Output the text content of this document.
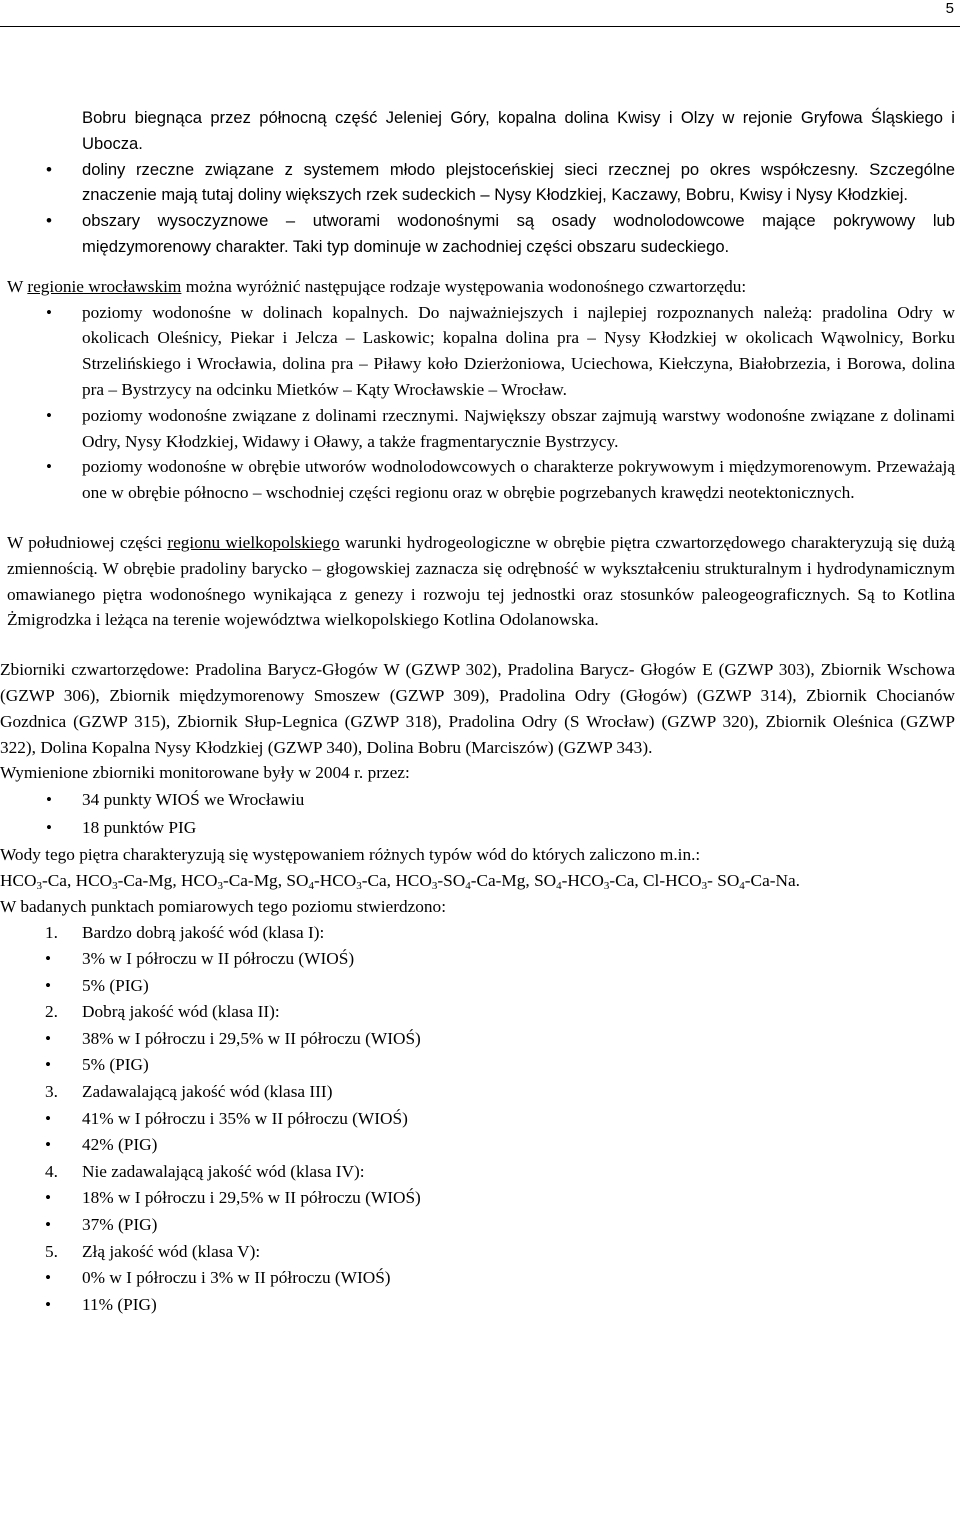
5

Bobru biegnąca przez północną część Jeleniej Góry, kopalna dolina Kwisy i Olzy w rejonie Gryfowa Śląskiego i Ubocza.

• doliny rzeczne związane z systemem młodo plejstoceńskiej sieci rzecznej po okres współczesny. Szczególne znaczenie mają tutaj doliny większych rzek sudeckich – Nysy Kłodzkiej, Kaczawy, Bobru, Kwisy i Nysy Kłodzkiej.
• obszary wysoczyznowe – utworami wodonośnymi są osady wodnolodowcowe mające pokrywowy lub międzymorenowy charakter. Taki typ dominuje w zachodniej części obszaru sudeckiego.

W regionie wrocławskim można wyróżnić następujące rodzaje występowania wodonośnego czwartorzędu:

• poziomy wodonośne w dolinach kopalnych. Do najważniejszych i najlepiej rozpoznanych należą: pradolina Odry w okolicach Oleśnicy, Piekar i Jelcza – Laskowic; kopalna dolina pra – Nysy Kłodzkiej w okolicach Wąwolnicy, Borku Strzelińskiego i Wrocławia, dolina pra – Piławy koło Dzierżoniowa, Uciechowa, Kiełczyna, Białobrzezia, i Borowa, dolina pra – Bystrzycy na odcinku Mietków – Kąty Wrocławskie – Wrocław.
• poziomy wodonośne związane z dolinami rzecznymi. Największy obszar zajmują warstwy wodonośne związane z dolinami Odry, Nysy Kłodzkiej, Widawy i Oławy, a także fragmentarycznie Bystrzycy.
• poziomy wodonośne w obrębie utworów wodnolodowcowych o charakterze pokrywowym i międzymorenowym. Przeważają one w obrębie północno – wschodniej części regionu oraz w obrębie pogrzebanych krawędzi neotektonicznych.

W południowej części regionu wielkopolskiego warunki hydrogeologiczne w obrębie piętra czwartorzędowego charakteryzują się dużą zmiennością. W obrębie pradoliny barycko – głogowskiej zaznacza się odrębność w wykształceniu strukturalnym i hydrodynamicznym omawianego piętra wodonośnego wynikająca z genezy i rozwoju tej jednostki oraz stosunków paleogeograficznych. Są to Kotlina Żmigrodzka i leżąca na terenie województwa wielkopolskiego Kotlina Odolanowska.

Zbiorniki czwartorzędowe: Pradolina Barycz-Głogów W (GZWP 302), Pradolina Barycz- Głogów E (GZWP 303), Zbiornik Wschowa (GZWP 306), Zbiornik międzymorenowy Smoszew (GZWP 309), Pradolina Odry (Głogów) (GZWP 314), Zbiornik Chocianów Gozdnica (GZWP 315), Zbiornik Słup-Legnica (GZWP 318), Pradolina Odry (S Wrocław) (GZWP 320), Zbiornik Oleśnica (GZWP 322), Dolina Kopalna Nysy Kłodzkiej (GZWP 340), Dolina Bobru (Marciszów) (GZWP 343).

Wymienione zbiorniki monitorowane były w 2004 r. przez:

• 34 punkty WIOŚ we Wrocławiu
• 18 punktów PIG

Wody tego piętra charakteryzują się występowaniem różnych typów wód do których zaliczono m.in.:

$HCO_3-Ca$, $HCO_3-Ca-Mg$, $HCO_3-Ca-Mg$, $SO_4-HCO_3-Ca$, $HCO_3-SO_4-Ca-Mg$, $SO_4-HCO_3-Ca$, $Cl-HCO_3-$ $SO_4-Ca-Na$.

W badanych punktach pomiarowych tego poziomu stwierdzono:

1. Bardzo dobrą jakość wód (klasa I):
• 3% w I półroczu w II półroczu (WIOŚ)
• 5% (PIG)
2. Dobrą jakość wód (klasa II):
• 38% w I półroczu i 29,5% w II półroczu (WIOŚ)
• 5% (PIG)
3. Zadawalającą jakość wód (klasa III)
• 41% w I półroczu i 35% w II półroczu (WIOŚ)
• 42% (PIG)
4. Nie zadawalającą jakość wód (klasa IV):
• 18% w I półroczu i 29,5% w II półroczu (WIOŚ)
• 37% (PIG)
5. Złą jakość wód (klasa V):
• 0% w I półroczu i 3% w II półroczu (WIOŚ)
• 11% (PIG)
